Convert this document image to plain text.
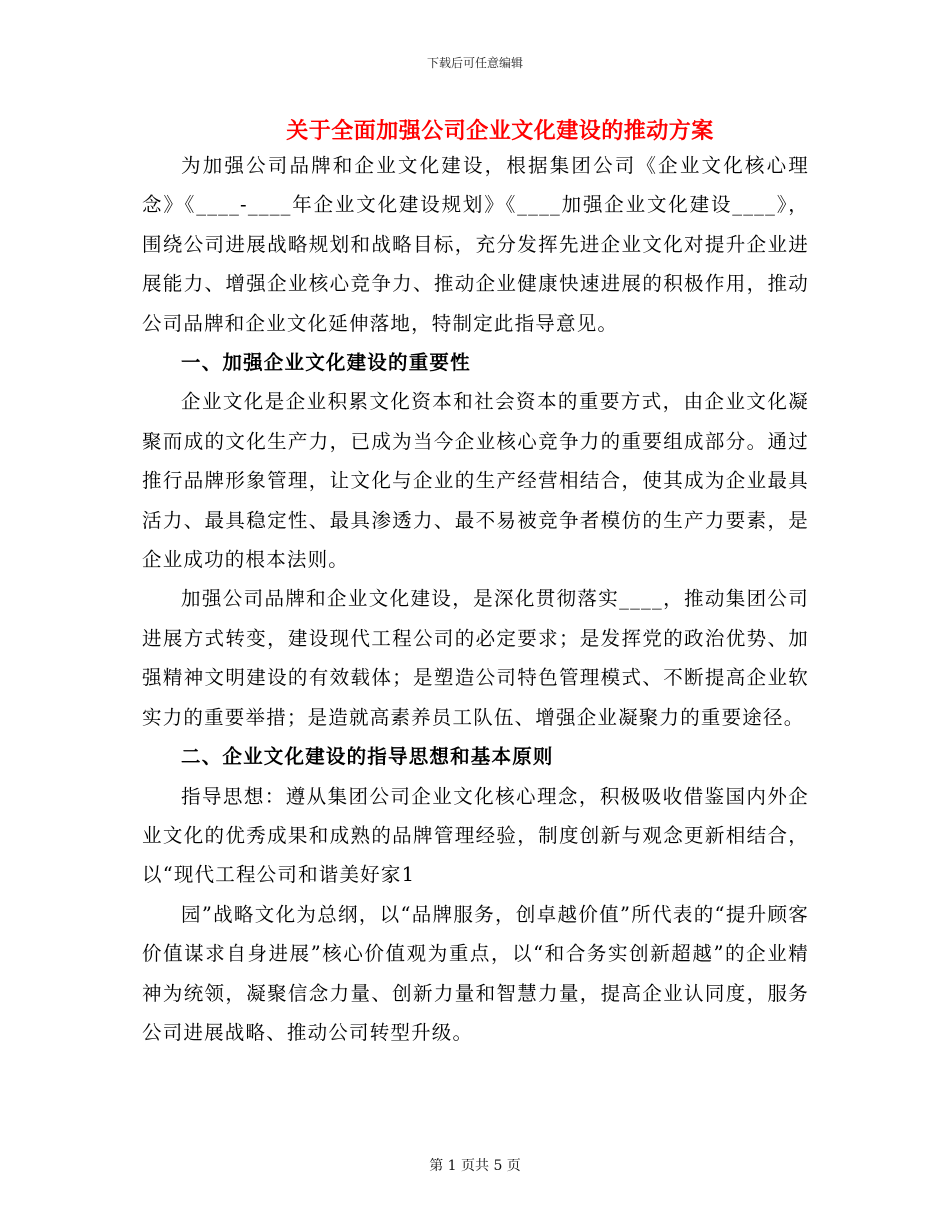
下载后可任意编辑
关于全面加强公司企业文化建设的推动方案

为加强公司品牌和企业文化建设，根据集团公司《企业文化核心理念》《____-____年企业文化建设规划》《____加强企业文化建设____》，围绕公司进展战略规划和战略目标，充分发挥先进企业文化对提升企业进展能力、增强企业核心竞争力、推动企业健康快速进展的积极作用，推动公司品牌和企业文化延伸落地，特制定此指导意见。

一、加强企业文化建设的重要性

企业文化是企业积累文化资本和社会资本的重要方式，由企业文化凝聚而成的文化生产力，已成为当今企业核心竞争力的重要组成部分。通过推行品牌形象管理，让文化与企业的生产经营相结合，使其成为企业最具活力、最具稳定性、最具渗透力、最不易被竞争者模仿的生产力要素，是企业成功的根本法则。

加强公司品牌和企业文化建设，是深化贯彻落实____，推动集团公司进展方式转变，建设现代工程公司的必定要求；是发挥党的政治优势、加强精神文明建设的有效载体；是塑造公司特色管理模式、不断提高企业软实力的重要举措；是造就高素养员工队伍、增强企业凝聚力的重要途径。

二、企业文化建设的指导思想和基本原则

指导思想：遵从集团公司企业文化核心理念，积极吸收借鉴国内外企业文化的优秀成果和成熟的品牌管理经验，制度创新与观念更新相结合，以“现代工程公司和谐美好家1

园”战略文化为总纲，以“品牌服务，创卓越价值”所代表的“提升顾客价值谋求自身进展”核心价值观为重点，以“和合务实创新超越”的企业精神为统领，凝聚信念力量、创新力量和智慧力量，提高企业认同度，服务公司进展战略、推动公司转型升级。

第 1 页共 5 页
